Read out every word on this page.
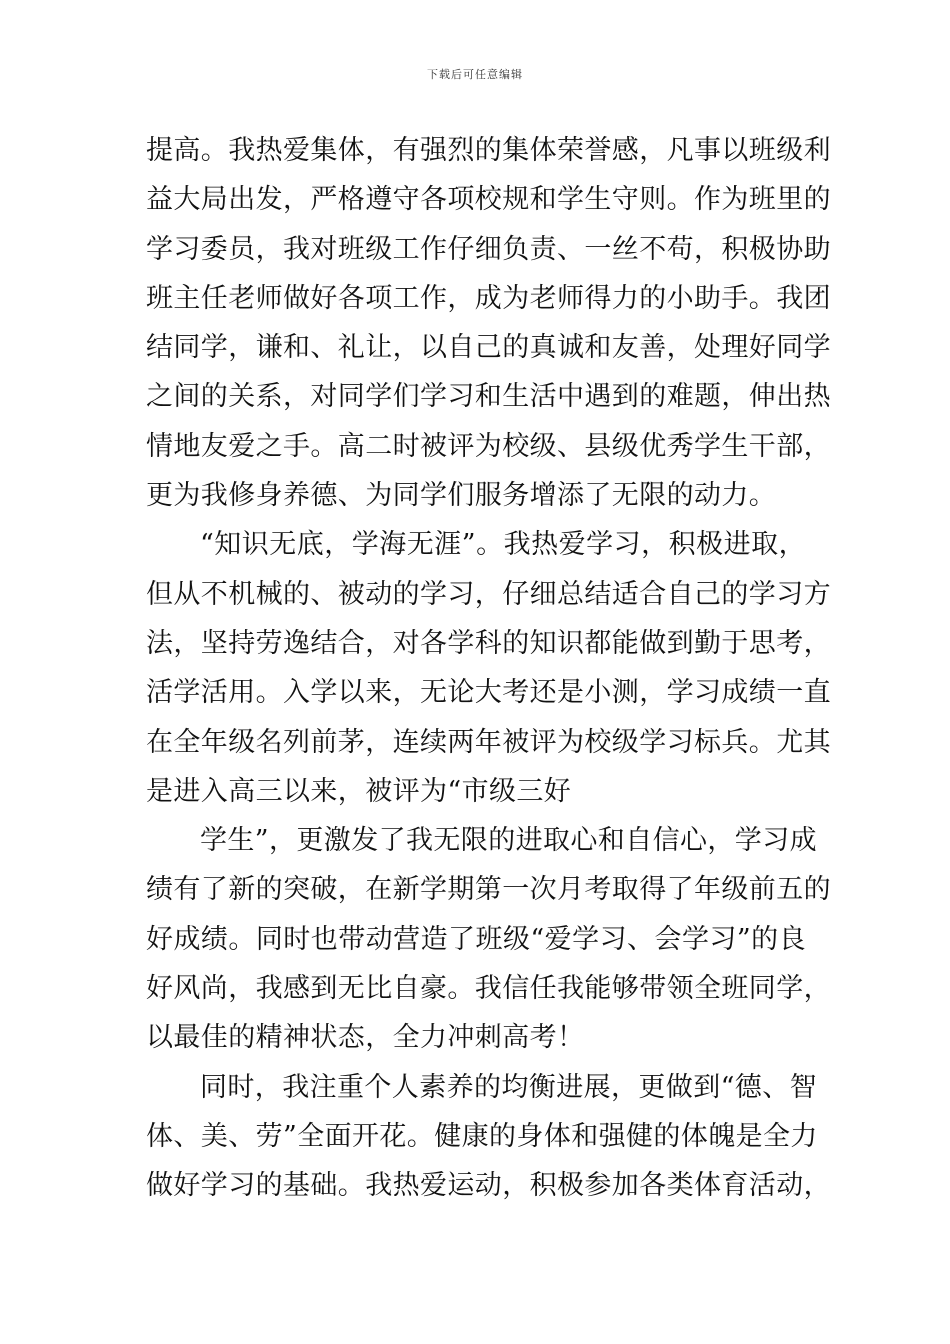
下载后可任意编辑
提高。我热爱集体，有强烈的集体荣誉感，凡事以班级利
益大局出发，严格遵守各项校规和学生守则。作为班里的
学习委员，我对班级工作仔细负责、一丝不苟，积极协助
班主任老师做好各项工作，成为老师得力的小助手。我团
结同学，谦和、礼让，以自己的真诚和友善，处理好同学
之间的关系，对同学们学习和生活中遇到的难题，伸出热
情地友爱之手。高二时被评为校级、县级优秀学生干部，
更为我修身养德、为同学们服务增添了无限的动力。
“知识无底，学海无涯”。我热爱学习，积极进取，
但从不机械的、被动的学习，仔细总结适合自己的学习方
法，坚持劳逸结合，对各学科的知识都能做到勤于思考，
活学活用。入学以来，无论大考还是小测，学习成绩一直
在全年级名列前茅，连续两年被评为校级学习标兵。尤其
是进入高三以来，被评为“市级三好
学生”，更激发了我无限的进取心和自信心，学习成
绩有了新的突破，在新学期第一次月考取得了年级前五的
好成绩。同时也带动营造了班级“爱学习、会学习”的良
好风尚，我感到无比自豪。我信任我能够带领全班同学，
以最佳的精神状态，全力冲刺高考！
同时，我注重个人素养的均衡进展，更做到“德、智
体、美、劳”全面开花。健康的身体和强健的体魄是全力
做好学习的基础。我热爱运动，积极参加各类体育活动，
